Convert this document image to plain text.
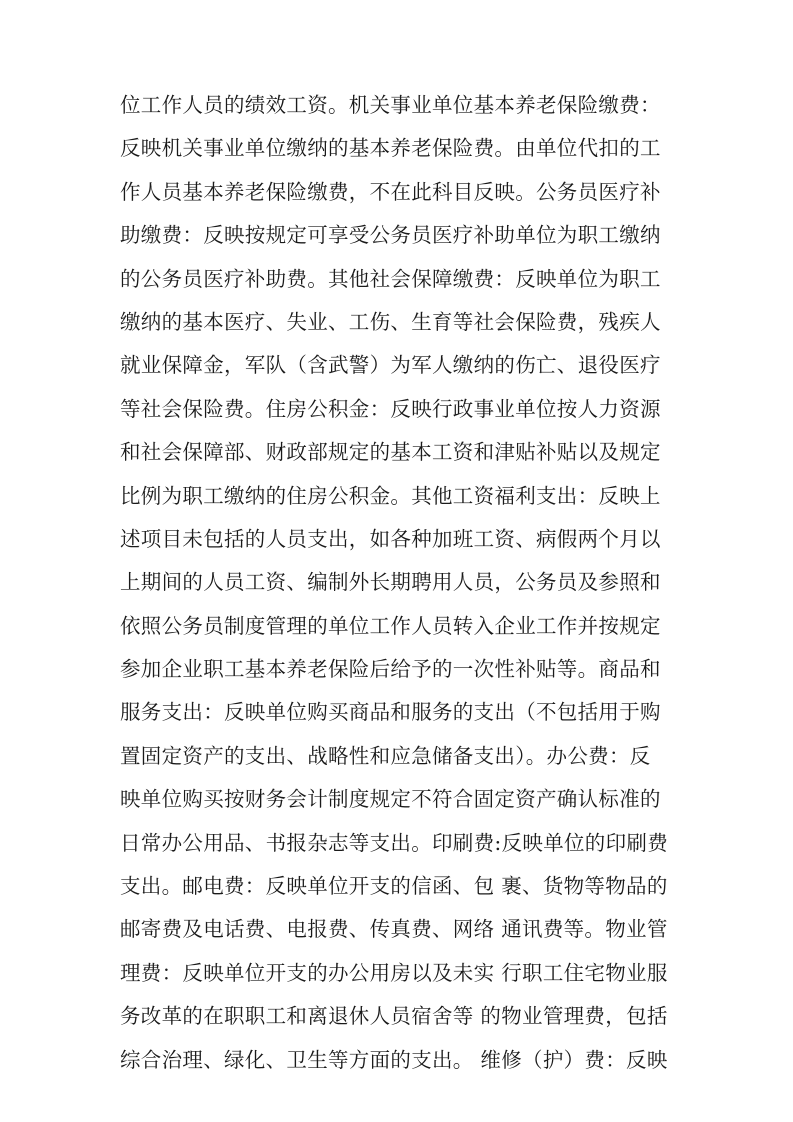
位工作人员的绩效工资。机关事业单位基本养老保险缴费：
反映机关事业单位缴纳的基本养老保险费。由单位代扣的工
作人员基本养老保险缴费，不在此科目反映。公务员医疗补
助缴费：反映按规定可享受公务员医疗补助单位为职工缴纳
的公务员医疗补助费。其他社会保障缴费：反映单位为职工
缴纳的基本医疗、失业、工伤、生育等社会保险费，残疾人
就业保障金，军队（含武警）为军人缴纳的伤亡、退役医疗
等社会保险费。住房公积金：反映行政事业单位按人力资源
和社会保障部、财政部规定的基本工资和津贴补贴以及规定
比例为职工缴纳的住房公积金。其他工资福利支出：反映上
述项目未包括的人员支出，如各种加班工资、病假两个月以
上期间的人员工资、编制外长期聘用人员，公务员及参照和
依照公务员制度管理的单位工作人员转入企业工作并按规定
参加企业职工基本养老保险后给予的一次性补贴等。商品和
服务支出：反映单位购买商品和服务的支出（不包括用于购
置固定资产的支出、战略性和应急储备支出）。办公费：反
映单位购买按财务会计制度规定不符合固定资产确认标准的
日常办公用品、书报杂志等支出。印刷费:反映单位的印刷费
支出。邮电费：反映单位开支的信函、包 裹、货物等物品的
邮寄费及电话费、电报费、传真费、网络 通讯费等。物业管
理费：反映单位开支的办公用房以及未实 行职工住宅物业服
务改革的在职职工和离退休人员宿舍等 的物业管理费，包括
综合治理、绿化、卫生等方面的支出。 维修（护）费：反映
